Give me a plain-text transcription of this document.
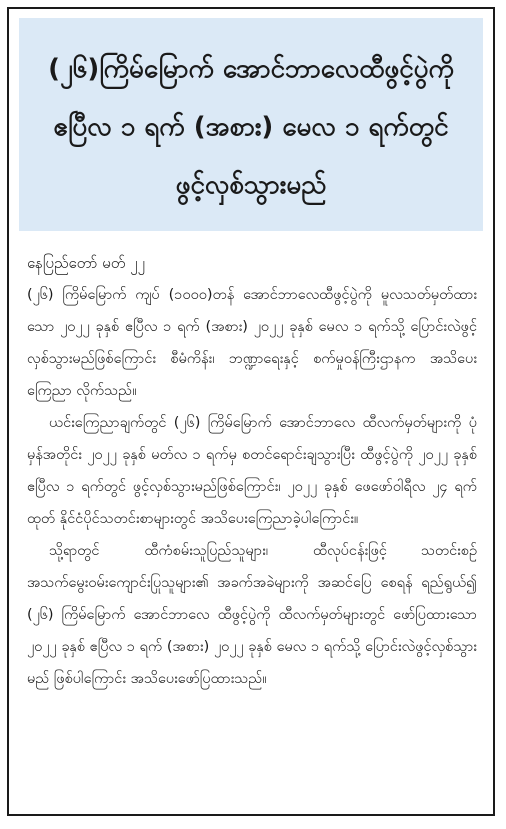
(၂၆)ကြိမ်မြောက် အောင်ဘာလေထီဖွင့်ပွဲကို
ဧပြီလ ၁ ရက် (အစား) မေလ ၁ ရက်တွင်
ဖွင့်လှစ်သွားမည်

နေပြည်တော် မတ် ၂၂

(၂၆) ကြိမ်မြောက် ကျပ် (၁၀၀၀)တန် အောင်ဘာလေထီဖွင့်ပွဲကို မူလသတ်မှတ်ထားသော ၂၀၂၂ ခုနှစ် ဧပြီလ ၁ ရက် (အစား) ၂၀၂၂ ခုနှစ် မေလ ၁ ရက်သို့ ပြောင်းလဲဖွင့်လှစ်သွားမည်ဖြစ်ကြောင်း စီမံကိန်း၊ ဘဏ္ဍာရေးနှင့် စက်မှုဝန်ကြီးဌာနက အသိပေးကြေညာ လိုက်သည်။

ယင်းကြေညာချက်တွင် (၂၆) ကြိမ်မြောက် အောင်ဘာလေ ထီလက်မှတ်များကို ပုံမှန်အတိုင်း ၂၀၂၂ ခုနှစ် မတ်လ ၁ ရက်မှ စတင်ရောင်းချသွားပြီး ထီဖွင့်ပွဲကို ၂၀၂၂ ခုနှစ် ဧပြီလ ၁ ရက်တွင် ဖွင့်လှစ်သွားမည်ဖြစ်ကြောင်း၊ ၂၀၂၂ ခုနှစ် ဖေဖော်ဝါရီလ ၂၄ ရက် ထုတ် နိုင်ငံပိုင်သတင်းစာများတွင် အသိပေးကြေညာခဲ့ပါကြောင်း။

သတင်းစဉ်
သို့ရာတွင် ထီကံစမ်းသူပြည်သူများ၊ ထီလုပ်ငန်းဖြင့် အသက်မွေးဝမ်းကျောင်းပြုသူများ၏ အခက်အခဲများကို အဆင်ပြေ စေရန် ရည်ရွယ်၍ (၂၆) ကြိမ်မြောက် အောင်ဘာလေ ထီဖွင့်ပွဲကို ထီလက်မှတ်များတွင် ဖော်ပြထားသော ၂၀၂၂ ခုနှစ် ဧပြီလ ၁ ရက် (အစား) ၂၀၂၂ ခုနှစ် မေလ ၁ ရက်သို့ ပြောင်းလဲဖွင့်လှစ်သွားမည် ဖြစ်ပါကြောင်း အသိပေးဖော်ပြထားသည်။
